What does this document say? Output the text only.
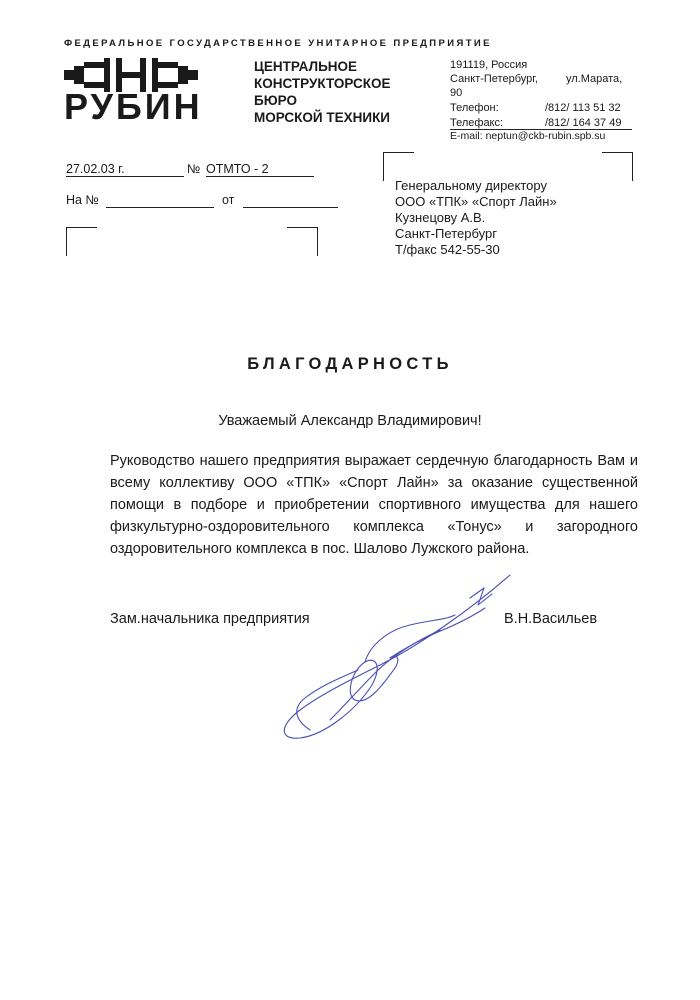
ФЕДЕРАЛЬНОЕ ГОСУДАРСТВЕННОЕ УНИТАРНОЕ ПРЕДПРИЯТИЕ
РУБИН
ЦЕНТРАЛЬНОЕ
КОНСТРУКТОРСКОЕ
БЮРО
МОРСКОЙ ТЕХНИКИ
191119, Россия
Санкт-Петербург,	ул.Марата,
90
Телефон:	/812/ 113 51 32
Телефакс:	/812/ 164 37 49
E-mail: neptun@ckb-rubin.spb.su
27.02.03 г.	№ ОТМТО - 2
На №	от
Генеральному директору
ООО «ТПК» «Спорт Лайн»
Кузнецову А.В.
Санкт-Петербург
Т/факс 542-55-30
БЛАГОДАРНОСТЬ
Уважаемый Александр Владимирович!
Руководство нашего предприятия выражает сердечную благодарность Вам и всему коллективу ООО «ТПК» «Спорт Лайн» за оказание существенной помощи в подборе и приобретении спортивного имущества для нашего физкультурно-оздоровительного комплекса «Тонус» и загородного оздоровительного комплекса в пос. Шалово Лужского района.
Зам.начальника предприятия	В.Н.Васильев
